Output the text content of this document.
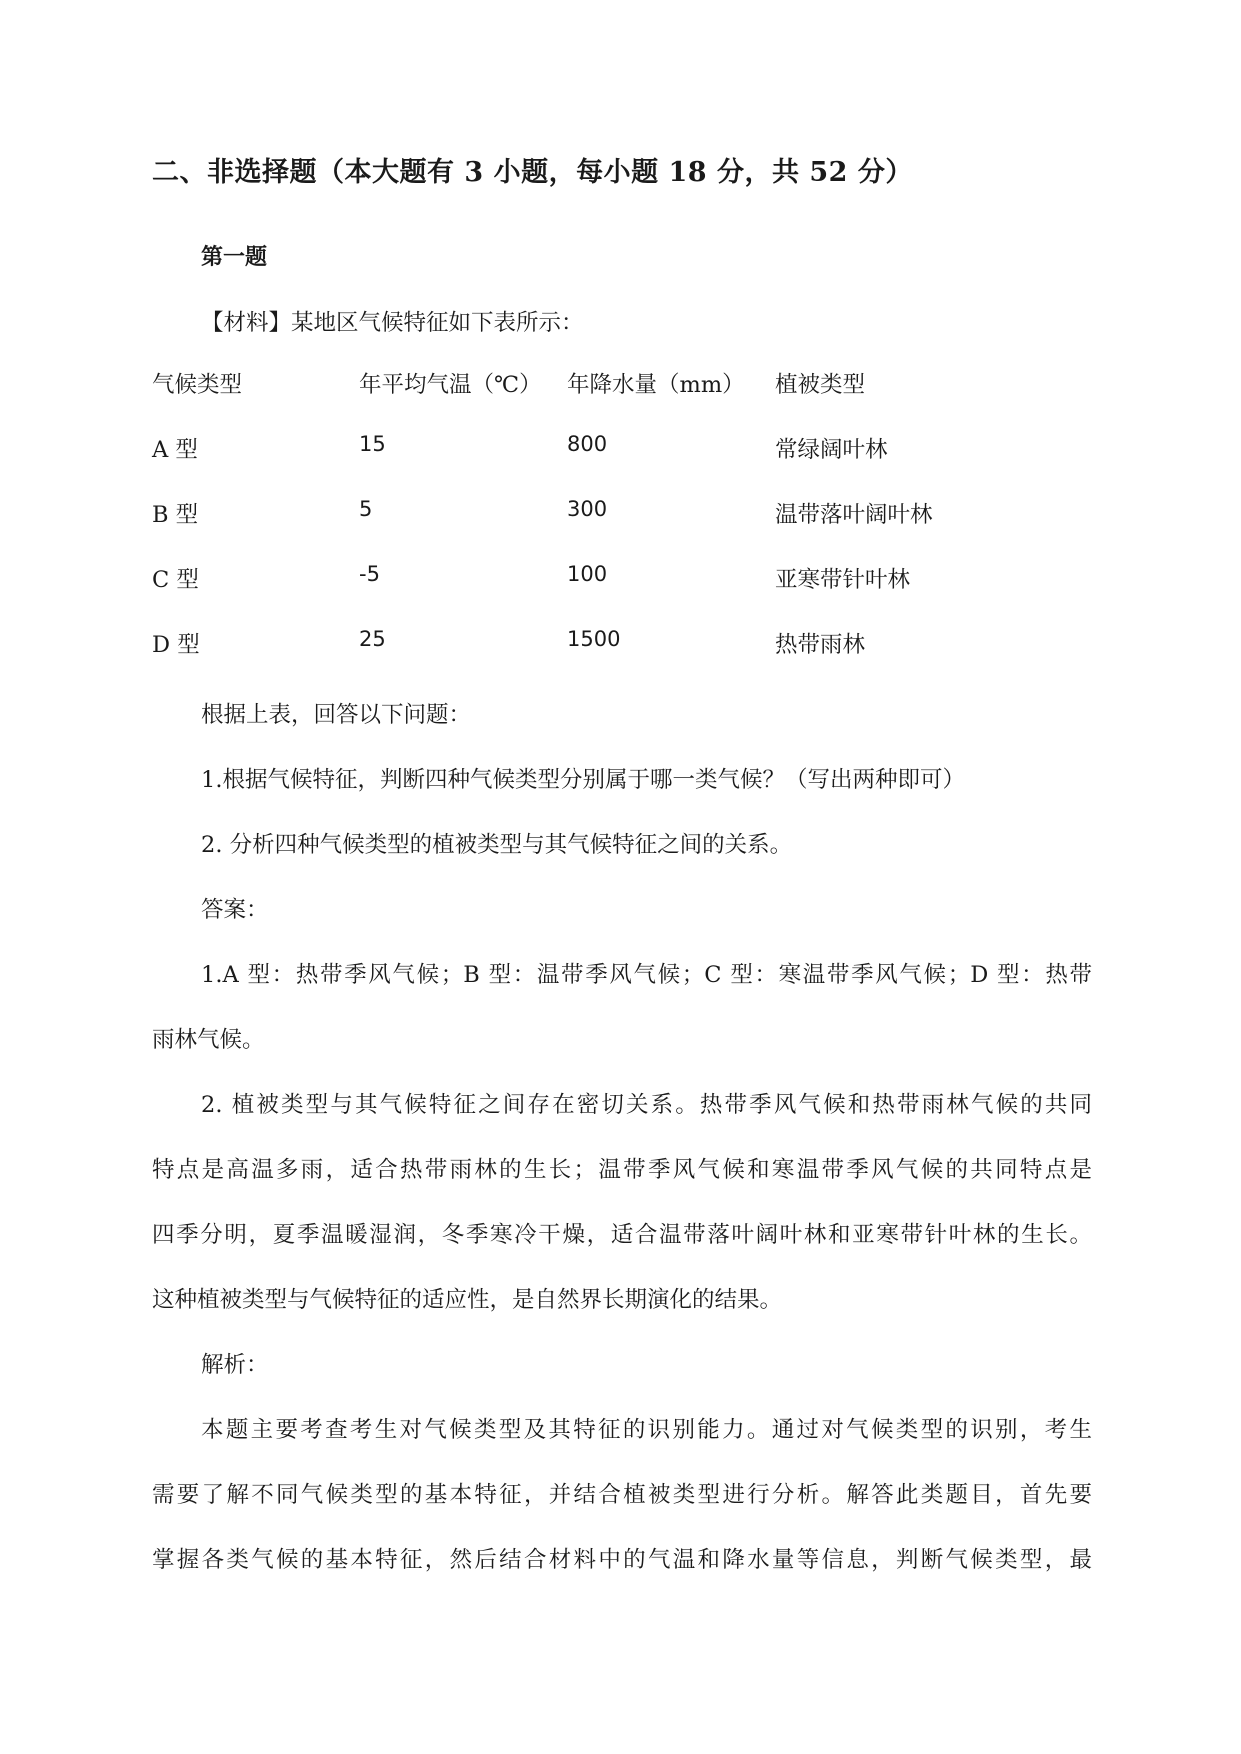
二、非选择题（本大题有 3 小题，每小题 18 分，共 52 分）
第一题
【材料】某地区气候特征如下表所示：
气候类型	年平均气温（℃） 年降水量（mm） 植被类型
A 型	15	800	常绿阔叶林
B 型	5	300	温带落叶阔叶林
C 型	-5	100	亚寒带针叶林
D 型	25	1500	热带雨林
根据上表，回答以下问题：
1.根据气候特征，判断四种气候类型分别属于哪一类气候？（写出两种即可）
2. 分析四种气候类型的植被类型与其气候特征之间的关系。
答案：
1.A 型：热带季风气候；B 型：温带季风气候；C 型：寒温带季风气候；D 型：热带
雨林气候。
2. 植被类型与其气候特征之间存在密切关系。热带季风气候和热带雨林气候的共同
特点是高温多雨，适合热带雨林的生长；温带季风气候和寒温带季风气候的共同特点是
四季分明，夏季温暖湿润，冬季寒冷干燥，适合温带落叶阔叶林和亚寒带针叶林的生长。
这种植被类型与气候特征的适应性，是自然界长期演化的结果。
解析：
本题主要考查考生对气候类型及其特征的识别能力。通过对气候类型的识别，考生
需要了解不同气候类型的基本特征，并结合植被类型进行分析。解答此类题目，首先要
掌握各类气候的基本特征，然后结合材料中的气温和降水量等信息，判断气候类型，最
